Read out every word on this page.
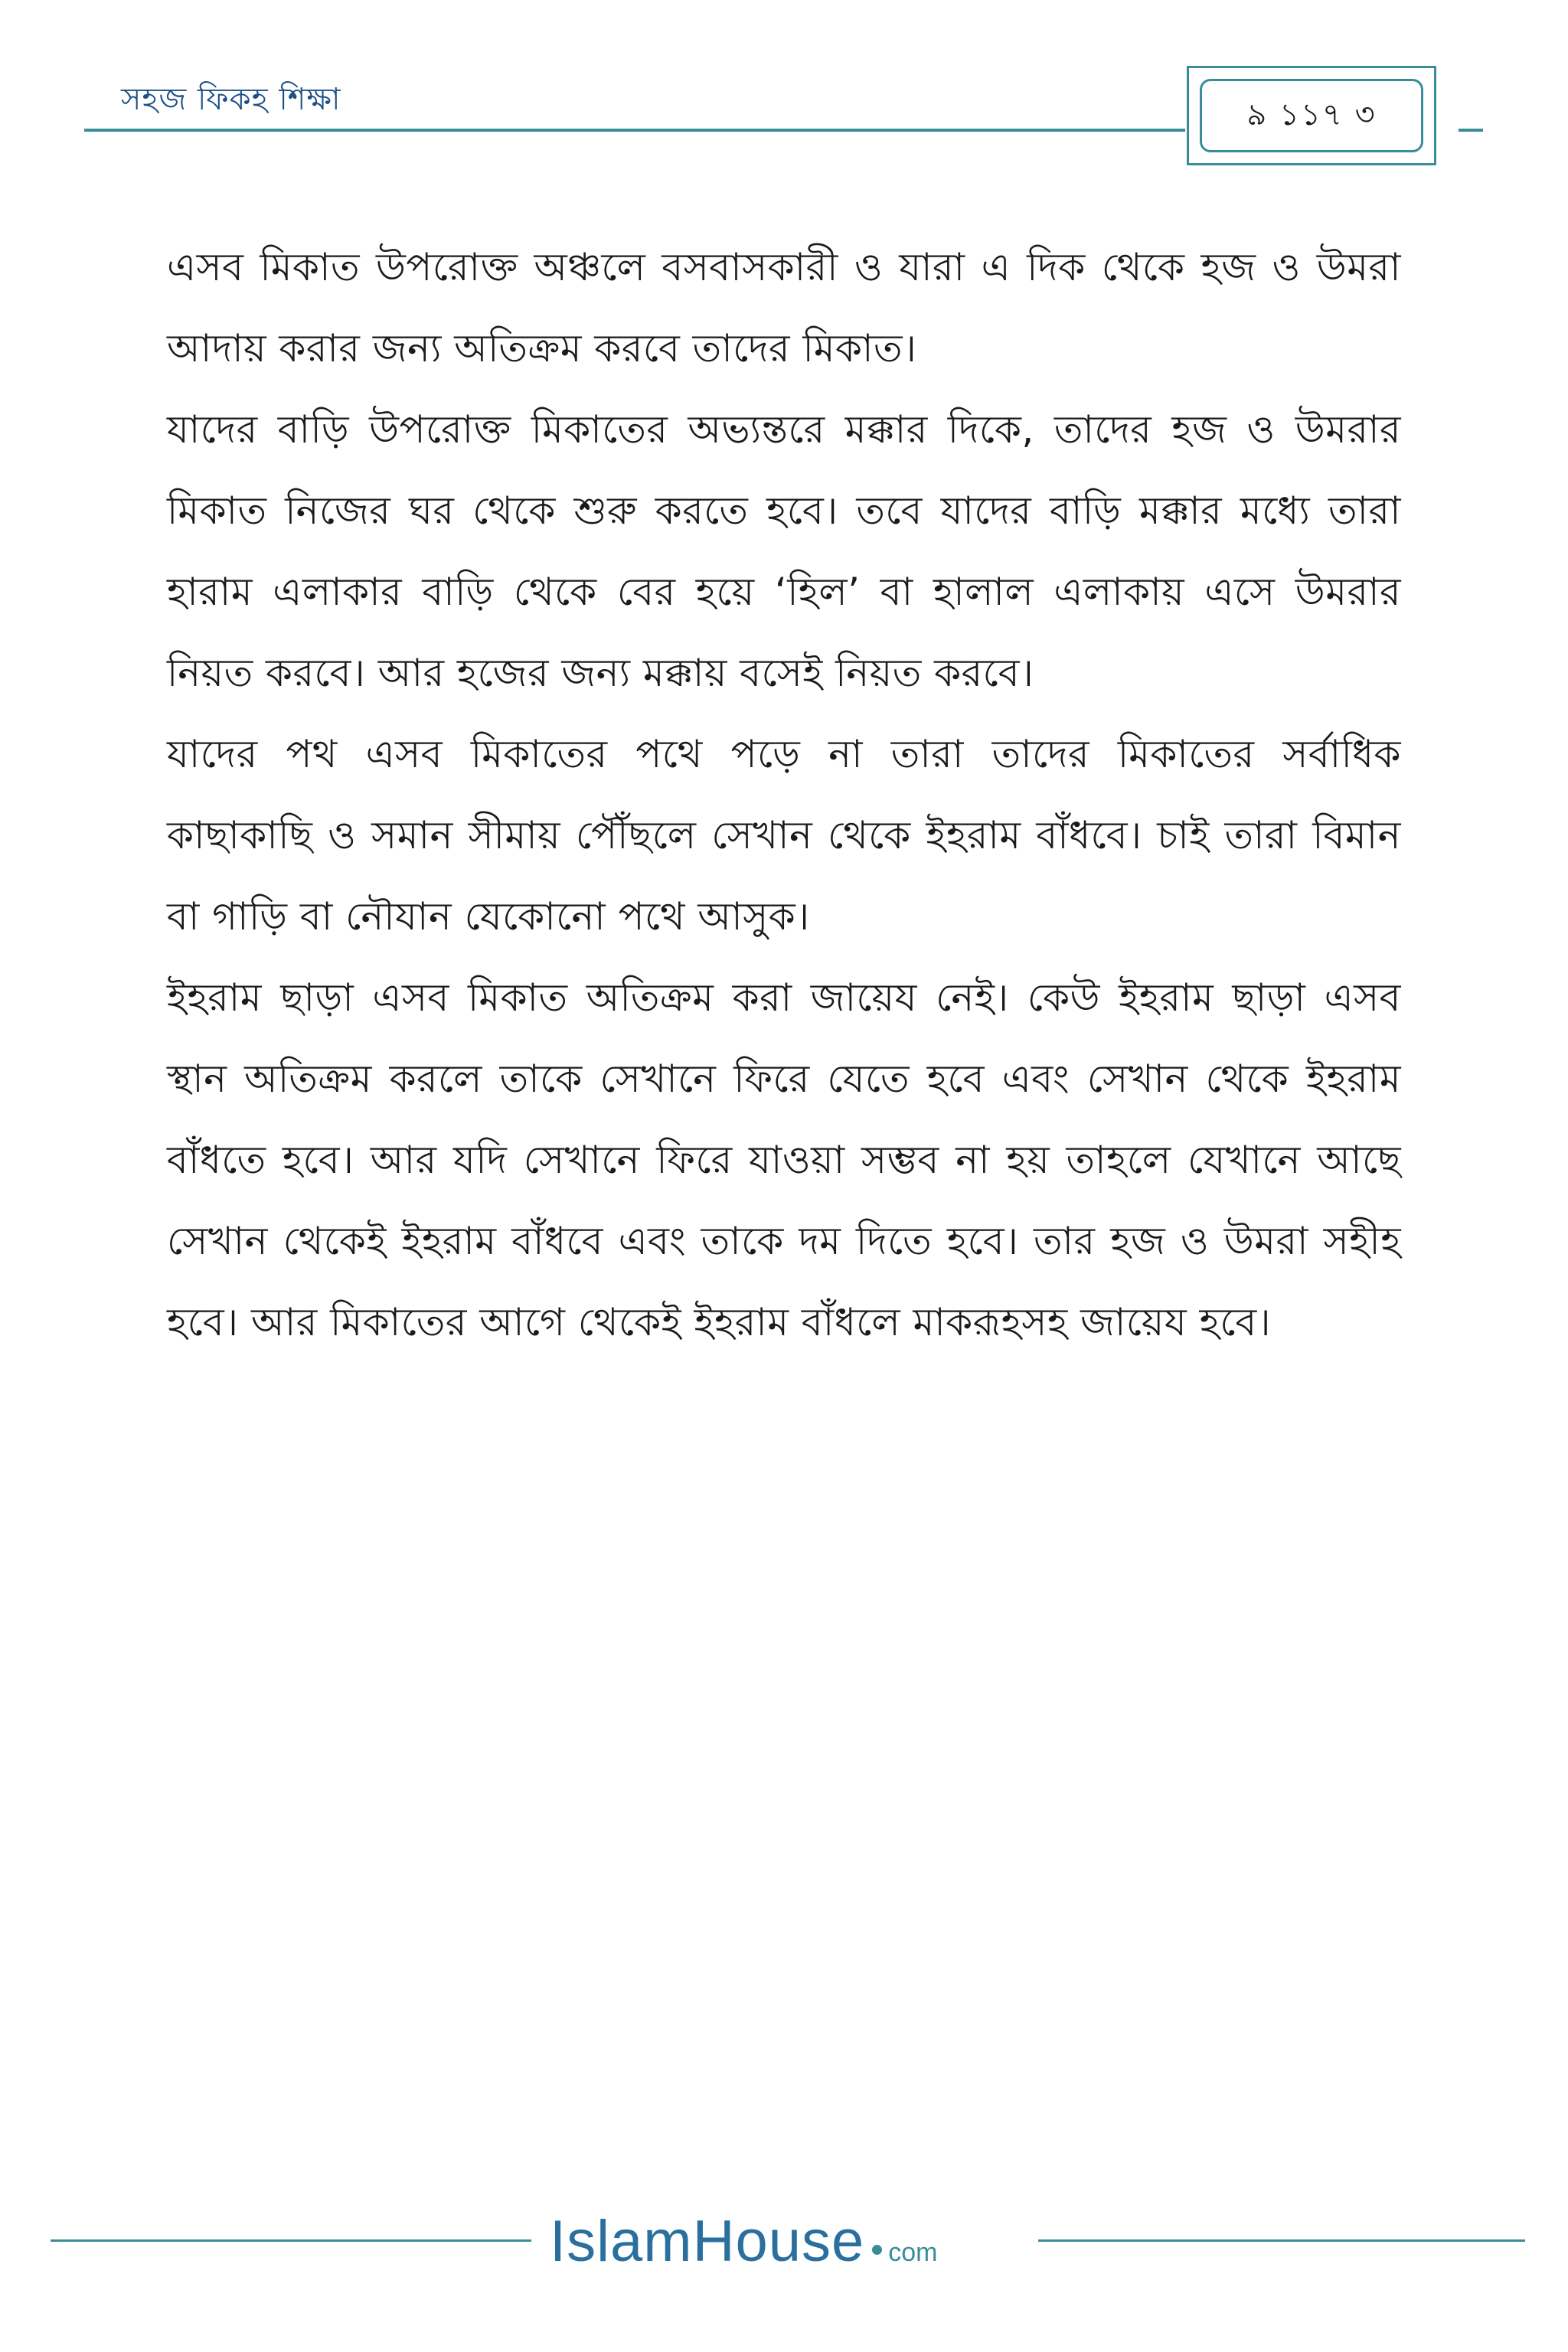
সহজ ফিকহ শিক্ষা	৯ ১১৭ ৩

এসব মিকাত উপরোক্ত অঞ্চলে বসবাসকারী ও যারা এ দিক থেকে হজ ও উমরা আদায় করার জন্য অতিক্রম করবে তাদের মিকাত।

যাদের বাড়ি উপরোক্ত মিকাতের অভ্যন্তরে মক্কার দিকে, তাদের হজ ও উমরার মিকাত নিজের ঘর থেকে শুরু করতে হবে। তবে যাদের বাড়ি মক্কার মধ্যে তারা হারাম এলাকার বাড়ি থেকে বের হয়ে ‘হিল’ বা হালাল এলাকায় এসে উমরার নিয়ত করবে। আর হজের জন্য মক্কায় বসেই নিয়ত করবে।

যাদের পথ এসব মিকাতের পথে পড়ে না তারা তাদের মিকাতের সর্বাধিক কাছাকাছি ও সমান সীমায় পৌঁছলে সেখান থেকে ইহরাম বাঁধবে। চাই তারা বিমান বা গাড়ি বা নৌযান যেকোনো পথে আসুক।

ইহরাম ছাড়া এসব মিকাত অতিক্রম করা জায়েয নেই। কেউ ইহরাম ছাড়া এসব স্থান অতিক্রম করলে তাকে সেখানে ফিরে যেতে হবে এবং সেখান থেকে ইহরাম বাঁধতে হবে। আর যদি সেখানে ফিরে যাওয়া সম্ভব না হয় তাহলে যেখানে আছে সেখান থেকেই ইহরাম বাঁধবে এবং তাকে দম দিতে হবে। তার হজ ও উমরা সহীহ হবে। আর মিকাতের আগে থেকেই ইহরাম বাঁধলে মাকরূহসহ জায়েয হবে।

IslamHouse com
